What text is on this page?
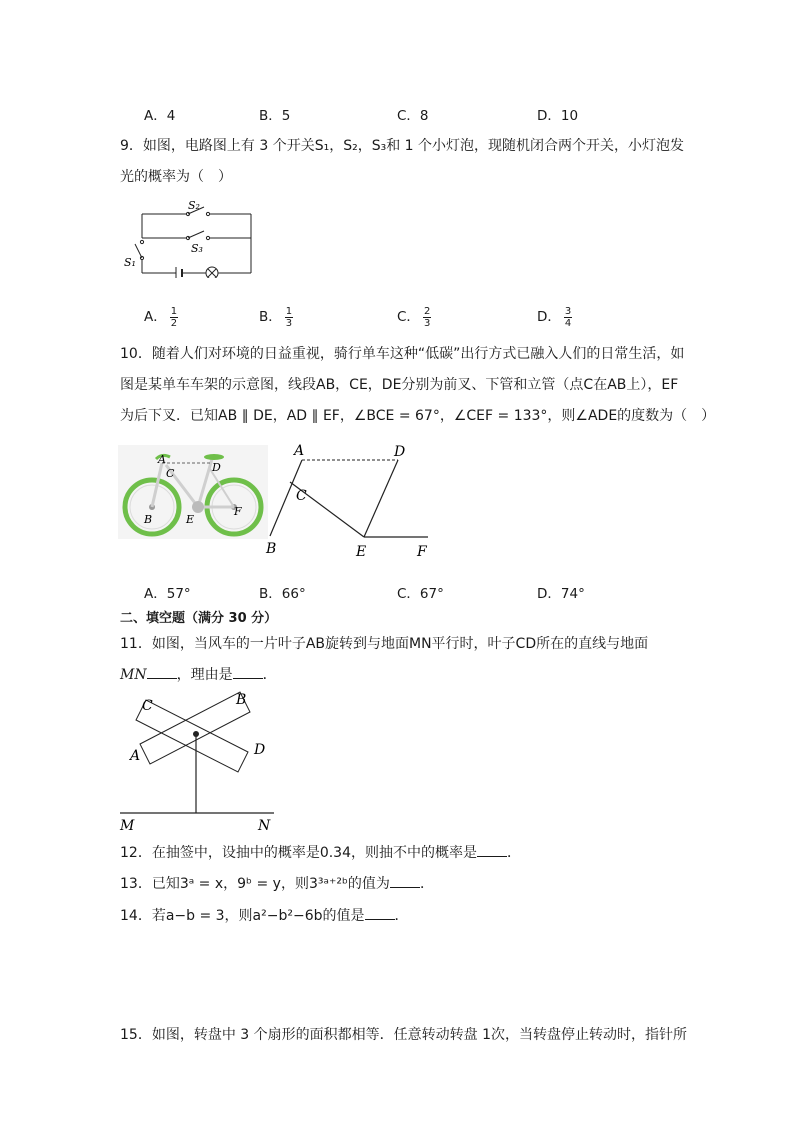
A．4	B．5	C．8	D．10
9．如图，电路图上有 3 个开关S₁，S₂，S₃和 1 个小灯泡，现随机闭合两个开关，小灯泡发
光的概率为（　）
S₂
S₃
S₁
A． $\frac{1}{2}$	B． $\frac{1}{3}$	C． $\frac{2}{3}$	D． $\frac{3}{4}$
10．随着人们对环境的日益重视，骑行单车这种“低碳”出行方式已融入人们的日常生活，如
图是某单车车架的示意图，线段AB，CE，DE分别为前叉、下管和立管（点C在AB上），EF
为后下叉．已知AB ∥ DE，AD ∥ EF，∠BCE = 67°，∠CEF = 133°，则∠ADE的度数为（　）
A
C	D
B	E
F
A	D
C
B	E	F
A．57°	B．66°	C．67°	D．74°
二、填空题（满分 30 分）
11．如图，当风车的一片叶子AB旋转到与地面MN平行时，叶子CD所在的直线与地面
MN ，理由是 ．
C	B
A	D
M	N
12．在抽签中，设抽中的概率是0.34，则抽不中的概率是 ．
13．已知3ᵃ = x，9ᵇ = y，则3³ᵃ⁺²ᵇ的值为 ．
14．若a−b = 3，则a²−b²−6b的值是 ．
15．如图，转盘中 3 个扇形的面积都相等．任意转动转盘 1次，当转盘停止转动时，指针所
